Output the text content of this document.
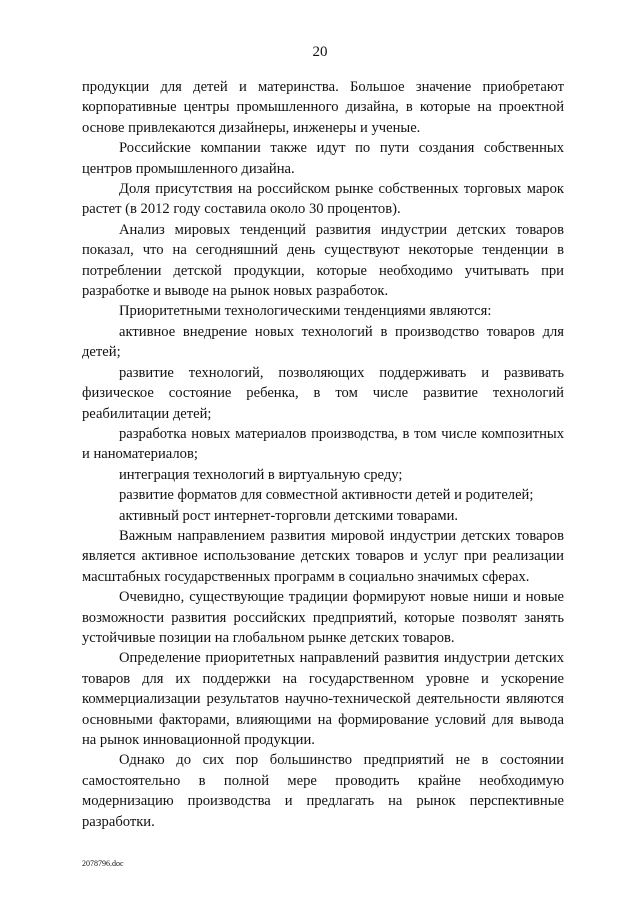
20

продукции для детей и материнства. Большое значение приобретают корпоративные центры промышленного дизайна, в которые на проектной основе привлекаются дизайнеры, инженеры и ученые.

Российские компании также идут по пути создания собственных центров промышленного дизайна.

Доля присутствия на российском рынке собственных торговых марок растет (в 2012 году составила около 30 процентов).

Анализ мировых тенденций развития индустрии детских товаров показал, что на сегодняшний день существуют некоторые тенденции в потреблении детской продукции, которые необходимо учитывать при разработке и выводе на рынок новых разработок.

Приоритетными технологическими тенденциями являются:

активное внедрение новых технологий в производство товаров для детей;

развитие технологий, позволяющих поддерживать и развивать физическое состояние ребенка, в том числе развитие технологий реабилитации детей;

разработка новых материалов производства, в том числе композитных и наноматериалов;

интеграция технологий в виртуальную среду;

развитие форматов для совместной активности детей и родителей;

активный рост интернет-торговли детскими товарами.

Важным направлением развития мировой индустрии детских товаров является активное использование детских товаров и услуг при реализации масштабных государственных программ в социально значимых сферах.

Очевидно, существующие традиции формируют новые ниши и новые возможности развития российских предприятий, которые позволят занять устойчивые позиции на глобальном рынке детских товаров.

Определение приоритетных направлений развития индустрии детских товаров для их поддержки на государственном уровне и ускорение коммерциализации результатов научно-технической деятельности являются основными факторами, влияющими на формирование условий для вывода на рынок инновационной продукции.

Однако до сих пор большинство предприятий не в состоянии самостоятельно в полной мере проводить крайне необходимую модернизацию производства и предлагать на рынок перспективные разработки.

2078796.doc
